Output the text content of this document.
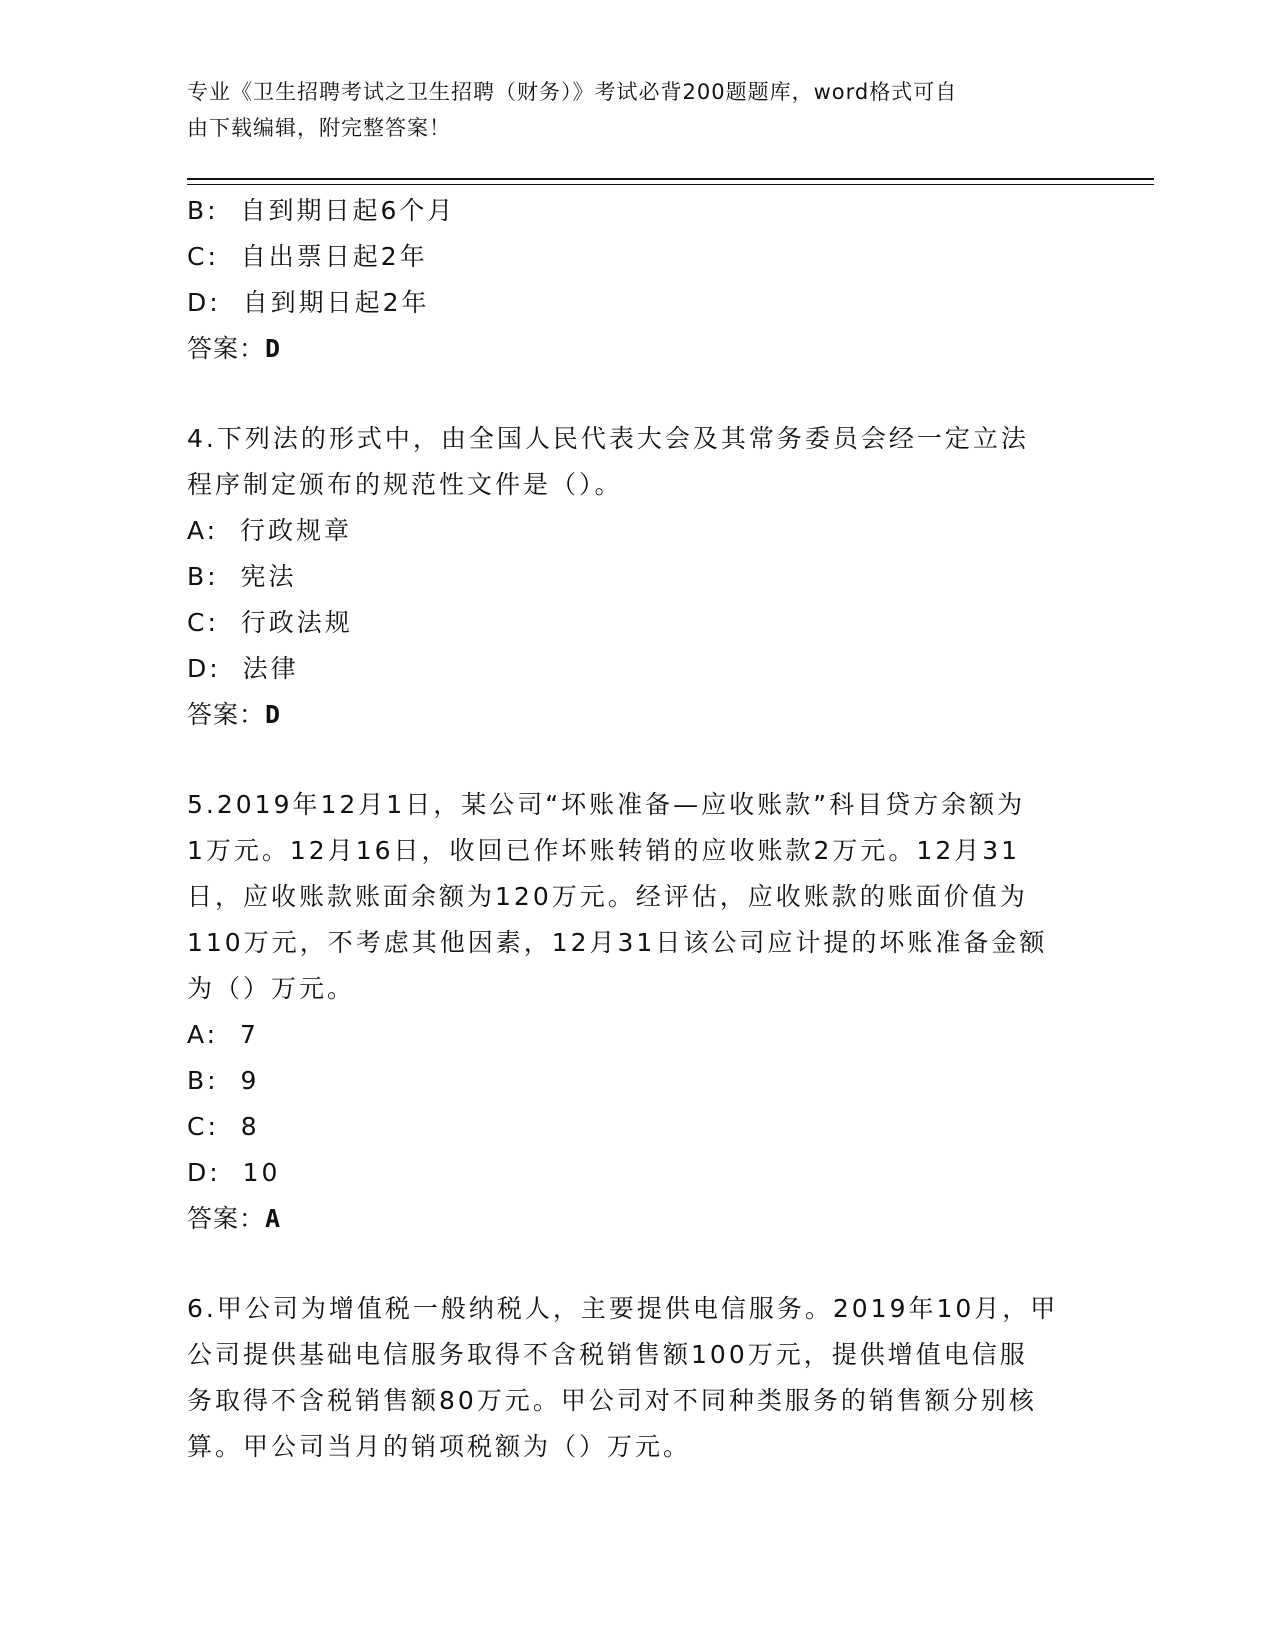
专业《卫生招聘考试之卫生招聘（财务）》考试必背200题题库，word格式可自
由下载编辑，附完整答案！
B:  自到期日起6个月
C:  自出票日起2年
D:  自到期日起2年
答案：D
4.下列法的形式中，由全国人民代表大会及其常务委员会经一定立法
程序制定颁布的规范性文件是（）。
A:  行政规章
B:  宪法
C:  行政法规
D:  法律
答案：D
5.2019年12月1日，某公司“坏账准备—应收账款”科目贷方余额为
1万元。12月16日，收回已作坏账转销的应收账款2万元。12月31
日，应收账款账面余额为120万元。经评估，应收账款的账面价值为
110万元，不考虑其他因素，12月31日该公司应计提的坏账准备金额
为（）万元。
A:  7
B:  9
C:  8
D:  10
答案：A
6.甲公司为增值税一般纳税人，主要提供电信服务。2019年10月，甲
公司提供基础电信服务取得不含税销售额100万元，提供增值电信服
务取得不含税销售额80万元。甲公司对不同种类服务的销售额分别核
算。甲公司当月的销项税额为（）万元。
